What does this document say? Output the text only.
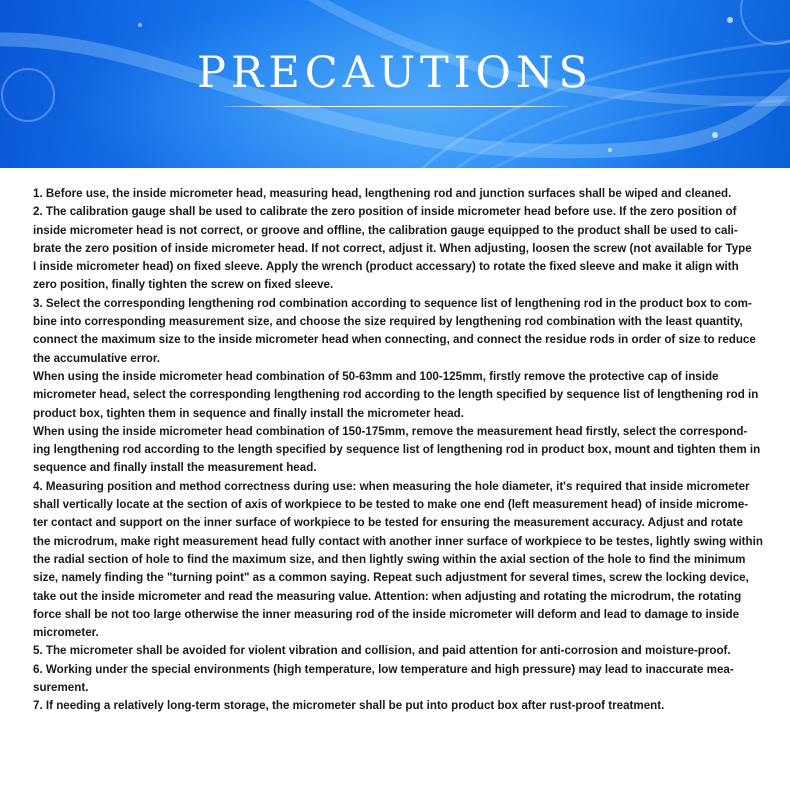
PRECAUTIONS
1. Before use, the inside micrometer head, measuring head, lengthening rod and junction surfaces shall be wiped and cleaned.
2. The calibration gauge shall be used to calibrate the zero position of inside micrometer head before use. If the zero position of
inside micrometer head is not correct, or groove and offline, the calibration gauge equipped to the product shall be used to cali-
brate the zero position of inside micrometer head. If not correct, adjust it. When adjusting, loosen the screw (not available for Type
I inside micrometer head) on fixed sleeve. Apply the wrench (product accessary) to rotate the fixed sleeve and make it align with
zero position, finally tighten the screw on fixed sleeve.
3. Select the corresponding lengthening rod combination according to sequence list of lengthening rod in the product box to com-
bine into corresponding measurement size, and choose the size required by lengthening rod combination with the least quantity,
connect the maximum size to the inside micrometer head when connecting, and connect the residue rods in order of size to reduce
the accumulative error.
When using the inside micrometer head combination of 50-63mm and 100-125mm, firstly remove the protective cap of inside
micrometer head, select the corresponding lengthening rod according to the length specified by sequence list of lengthening rod in
product box, tighten them in sequence and finally install the micrometer head.
When using the inside micrometer head combination of 150-175mm, remove the measurement head firstly, select the correspond-
ing lengthening rod according to the length specified by sequence list of lengthening rod in product box, mount and tighten them in
sequence and finally install the measurement head.
4. Measuring position and method correctness during use: when measuring the hole diameter, it's required that inside micrometer
shall vertically locate at the section of axis of workpiece to be tested to make one end (left measurement head) of inside microme-
ter contact and support on the inner surface of workpiece to be tested for ensuring the measurement accuracy. Adjust and rotate
the microdrum, make right measurement head fully contact with another inner surface of workpiece to be testes, lightly swing within
the radial section of hole to find the maximum size, and then lightly swing within the axial section of the hole to find the minimum
size, namely finding the "turning point" as a common saying. Repeat such adjustment for several times, screw the locking device,
take out the inside micrometer and read the measuring value. Attention: when adjusting and rotating the microdrum, the rotating
force shall be not too large otherwise the inner measuring rod of the inside micrometer will deform and lead to damage to inside
micrometer.
5. The micrometer shall be avoided for violent vibration and collision, and paid attention for anti-corrosion and moisture-proof.
6. Working under the special environments (high temperature, low temperature and high pressure) may lead to inaccurate mea-
surement.
7. If needing a relatively long-term storage, the micrometer shall be put into product box after rust-proof treatment.
